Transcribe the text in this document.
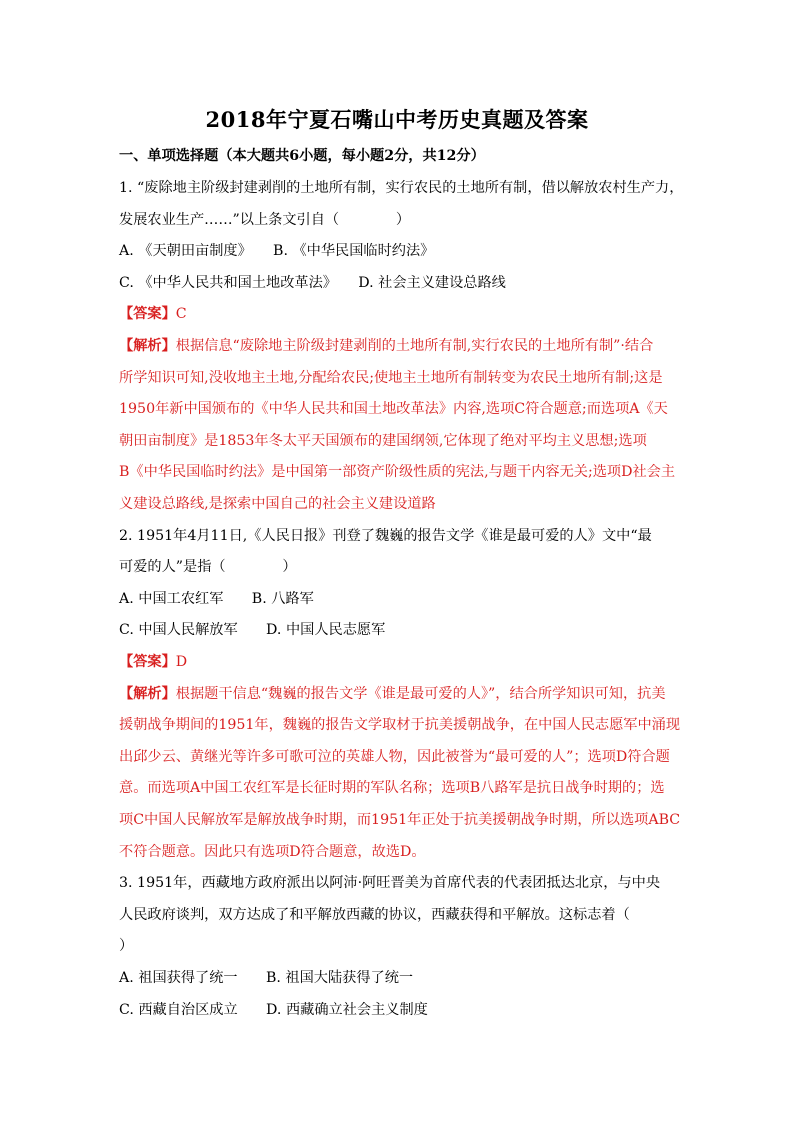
2018年宁夏石嘴山中考历史真题及答案
一、单项选择题（本大题共6小题，每小题2分，共12分）
1. “废除地主阶级封建剥削的土地所有制，实行农民的土地所有制，借以解放农村生产力，
发展农业生产……”以上条文引自（　　　　）
A. 《天朝田亩制度》　　B. 《中华民国临时约法》
C. 《中华人民共和国土地改革法》　　D. 社会主义建设总路线
【答案】C
【解析】根据信息“废除地主阶级封建剥削的土地所有制,实行农民的土地所有制”·结合
所学知识可知,没收地主土地,分配给农民;使地主土地所有制转变为农民土地所有制;这是
1950年新中国颁布的《中华人民共和国土地改革法》内容,选项C符合题意;而选项A《天
朝田亩制度》是1853年冬太平天国颁布的建国纲领,它体现了绝对平均主义思想;选项
B《中华民国临时约法》是中国第一部资产阶级性质的宪法,与题干内容无关;选项D社会主
义建设总路线,是探索中国自己的社会主义建设道路
2. 1951年4月11日,《人民日报》刊登了魏巍的报告文学《谁是最可爱的人》文中“最
可爱的人”是指（　　　　）
A. 中国工农红军　　B. 八路军
C. 中国人民解放军　　D. 中国人民志愿军
【答案】D
【解析】根据题干信息“魏巍的报告文学《谁是最可爱的人》”，结合所学知识可知，抗美
援朝战争期间的1951年，魏巍的报告文学取材于抗美援朝战争，在中国人民志愿军中涌现
出邱少云、黄继光等许多可歌可泣的英雄人物，因此被誉为“最可爱的人”；选项D符合题
意。而选项A中国工农红军是长征时期的军队名称；选项B八路军是抗日战争时期的；选
项C中国人民解放军是解放战争时期，而1951年正处于抗美援朝战争时期，所以选项ABC
不符合题意。因此只有选项D符合题意，故选D。
3. 1951年，西藏地方政府派出以阿沛·阿旺晋美为首席代表的代表团抵达北京，与中央
人民政府谈判，双方达成了和平解放西藏的协议，西藏获得和平解放。这标志着（
）
A. 祖国获得了统一　　B. 祖国大陆获得了统一
C. 西藏自治区成立　　D. 西藏确立社会主义制度
